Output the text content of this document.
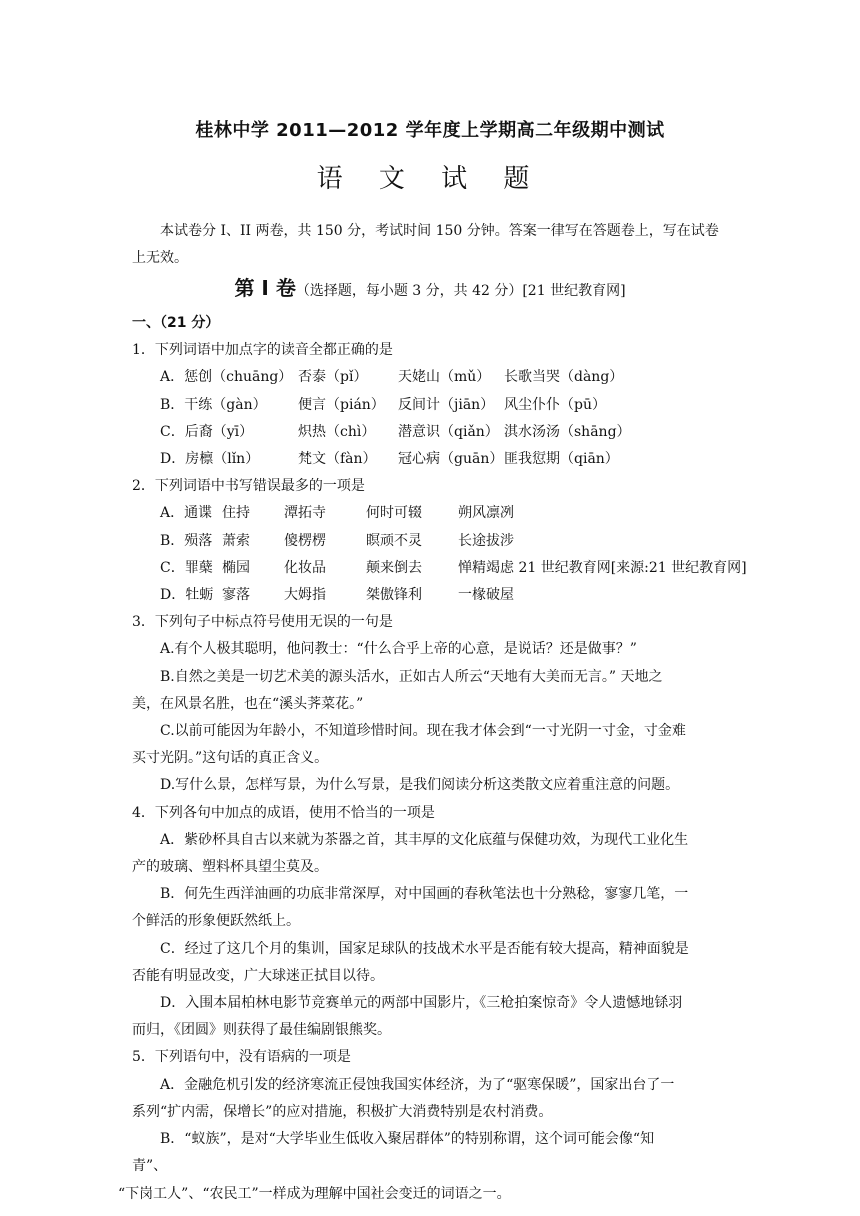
桂林中学 2011—2012 学年度上学期高二年级期中测试
语 文 试 题
本试卷分 I、II 两卷，共 150 分，考试时间 150 分钟。答案一律写在答题卷上，写在试卷上无效。
第 Ⅰ 卷（选择题，每小题 3 分，共 42 分）[21 世纪教育网]
一、（21 分）
1．下列词语中加点字的读音全都正确的是
A．惩创（chuāng） 否泰（pǐ） 天姥山（mǔ） 长歌当哭（dàng）
B．干练（gàn） 便言（pián） 反间计（jiān） 风尘仆仆（pū）
C．后裔（yī）	炽热（chì） 潜意识（qiǎn） 淇水汤汤（shāng）
D．房檩（lǐn）	梵文（fàn） 冠心病（guān）匪我愆期（qiān）
2．下列词语中书写错误最多的一项是
A．通谍 住持 潭拓寺	何时可辍	朔风凛冽
B．殒落 萧索 傻楞楞	瞑顽不灵	长途拔涉
C．罪蘖 椭园 化妆品	颠来倒去	惮精竭虑 21 世纪教育网[来源:21 世纪教育网]
D．牡蛎 寥落 大姆指	桀傲锋利	一椽破屋
3．下列句子中标点符号使用无误的一句是
A.有个人极其聪明，他问教士：“什么合乎上帝的心意，是说话？还是做事？”
B.自然之美是一切艺术美的源头活水，正如古人所云“天地有大美而无言。” 天地之
美，在风景名胜，也在“溪头荠菜花。”
C.以前可能因为年龄小，不知道珍惜时间。现在我才体会到“一寸光阴一寸金，寸金难
买寸光阴。”这句话的真正含义。
D.写什么景，怎样写景，为什么写景，是我们阅读分析这类散文应着重注意的问题。
4．下列各句中加点的成语，使用不恰当的一项是
A．紫砂杯具自古以来就为茶器之首，其丰厚的文化底蕴与保健功效，为现代工业化生
产的玻璃、塑料杯具望尘莫及。
B．何先生西洋油画的功底非常深厚，对中国画的春秋笔法也十分熟稔，寥寥几笔，一
个鲜活的形象便跃然纸上。
C．经过了这几个月的集训，国家足球队的技战术水平是否能有较大提高，精神面貌是
否能有明显改变，广大球迷正拭目以待。
D．入围本届柏林电影节竞赛单元的两部中国影片，《三枪拍案惊奇》令人遗憾地铩羽
而归，《团圆》则获得了最佳编剧银熊奖。
5．下列语句中，没有语病的一项是
A．金融危机引发的经济寒流正侵蚀我国实体经济，为了“驱寒保暖”，国家出台了一
系列“扩内需，保增长”的应对措施，积极扩大消费特别是农村消费。
B．“蚁族”，是对“大学毕业生低收入聚居群体”的特别称谓，这个词可能会像“知
青”、
“下岗工人”、“农民工”一样成为理解中国社会变迁的词语之一。
